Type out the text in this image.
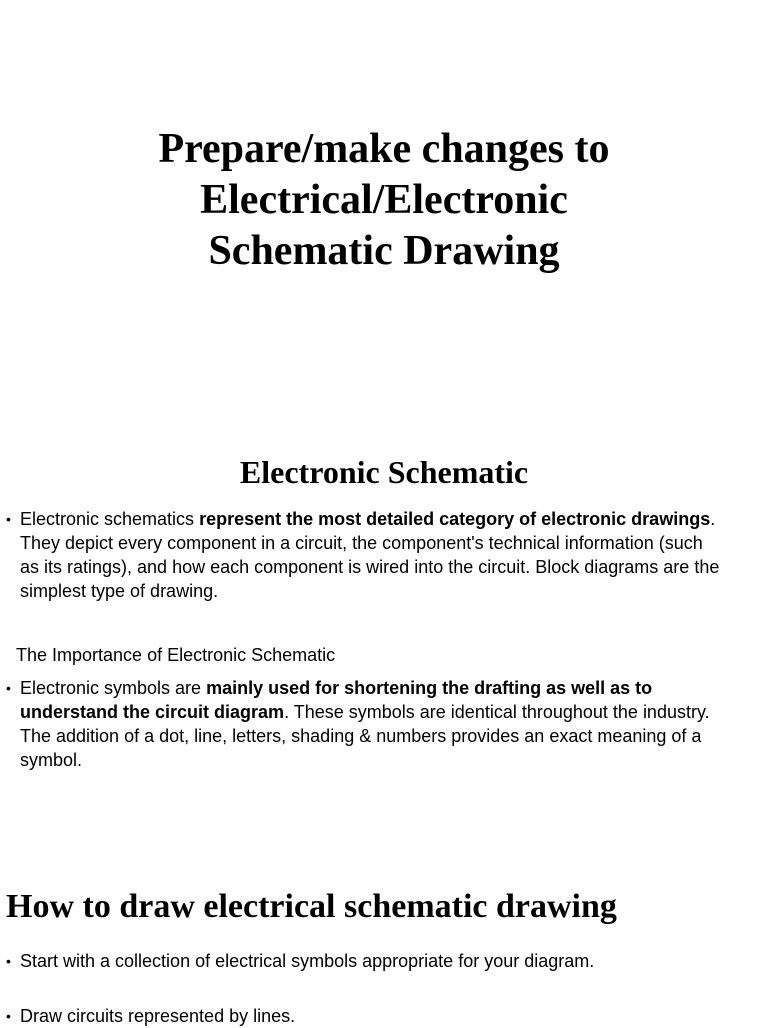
Prepare/make changes to
Electrical/Electronic
Schematic Drawing
Electronic Schematic

• Electronic schematics represent the most detailed category of electronic drawings. They depict every component in a circuit, the component's technical information (such as its ratings), and how each component is wired into the circuit. Block diagrams are the simplest type of drawing.

The Importance of Electronic Schematic

• Electronic symbols are mainly used for shortening the drafting as well as to understand the circuit diagram. These symbols are identical throughout the industry. The addition of a dot, line, letters, shading & numbers provides an exact meaning of a symbol.

How to draw electrical schematic drawing

• Start with a collection of electrical symbols appropriate for your diagram.

• Draw circuits represented by lines.
